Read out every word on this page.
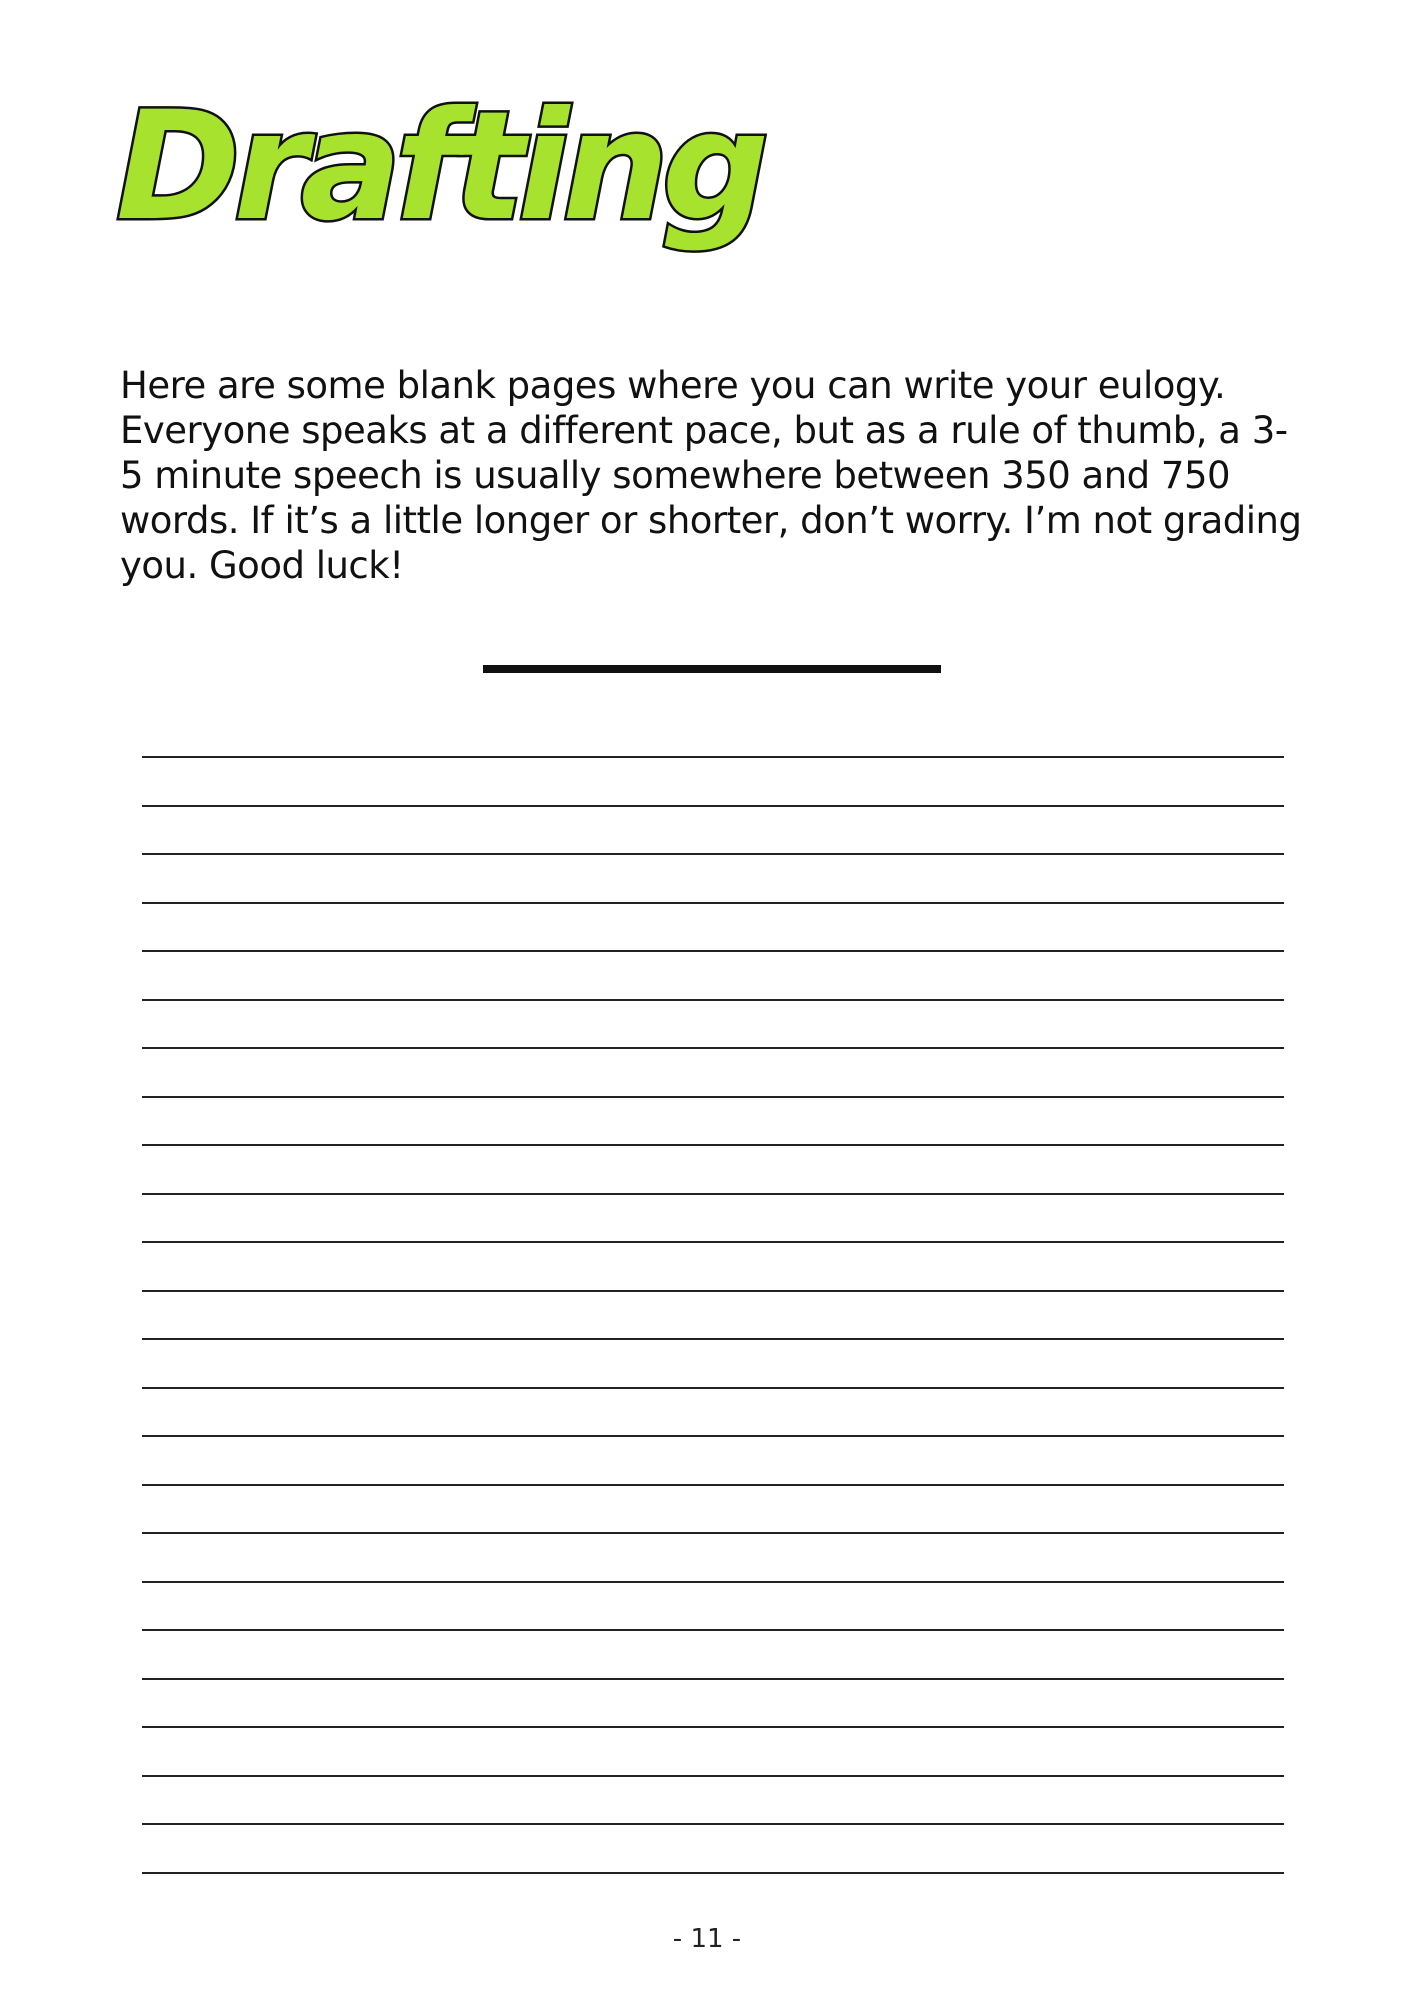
Drafting

Here are some blank pages where you can write your eulogy. Everyone speaks at a different pace, but as a rule of thumb, a 3-5 minute speech is usually somewhere between 350 and 750 words. If it’s a little longer or shorter, don’t worry. I’m not grading you. Good luck!

- 11 -
